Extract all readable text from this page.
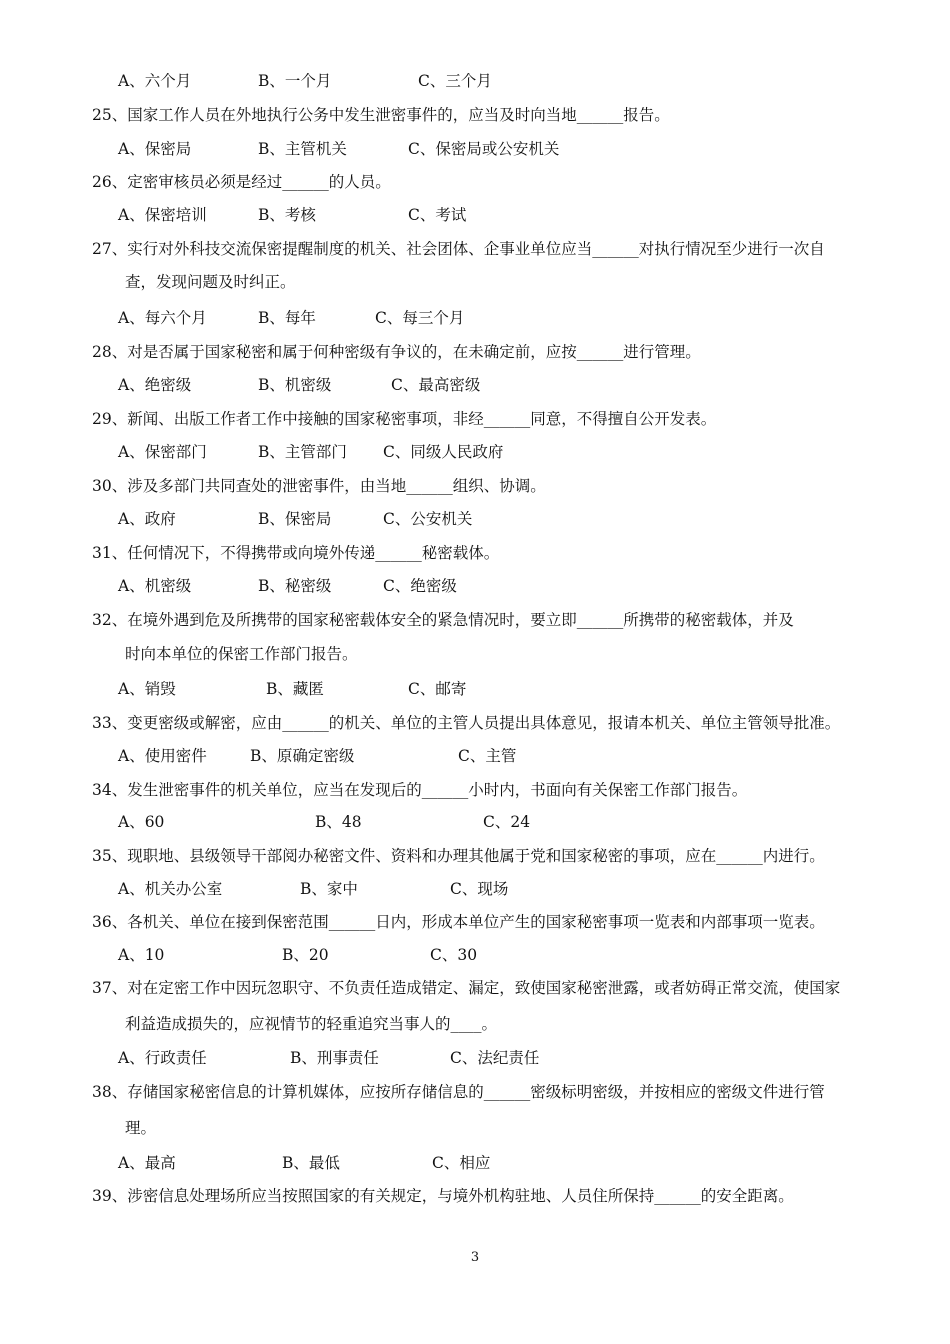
A、六个月	B、一个月	C、三个月
25、国家工作人员在外地执行公务中发生泄密事件的，应当及时向当地______报告。
A、保密局	B、主管机关	C、保密局或公安机关
26、定密审核员必须是经过______的人员。
A、保密培训	B、考核	C、考试
27、实行对外科技交流保密提醒制度的机关、社会团体、企事业单位应当______对执行情况至少进行一次自
查，发现问题及时纠正。
A、每六个月	B、每年	C、每三个月
28、对是否属于国家秘密和属于何种密级有争议的，在未确定前，应按______进行管理。
A、绝密级	B、机密级	C、最高密级
29、新闻、出版工作者工作中接触的国家秘密事项，非经______同意，不得擅自公开发表。
A、保密部门	B、主管部门 C、同级人民政府
30、涉及多部门共同查处的泄密事件，由当地______组织、协调。
A、政府	B、保密局	C、公安机关
31、任何情况下，不得携带或向境外传递______秘密载体。
A、机密级	B、秘密级	C、绝密级
32、在境外遇到危及所携带的国家秘密载体安全的紧急情况时，要立即______所携带的秘密载体，并及
时向本单位的保密工作部门报告。
A、销毁	B、藏匿	C、邮寄
33、变更密级或解密，应由______的机关、单位的主管人员提出具体意见，报请本机关、单位主管领导批准。
A、使用密件	B、原确定密级	C、主管
34、发生泄密事件的机关单位，应当在发现后的______小时内，书面向有关保密工作部门报告。
A、60	B、48	C、24
35、现职地、县级领导干部阅办秘密文件、资料和办理其他属于党和国家秘密的事项，应在______内进行。
A、机关办公室	B、家中	C、现场
36、各机关、单位在接到保密范围______日内，形成本单位产生的国家秘密事项一览表和内部事项一览表。
A、10	B、20	C、30
37、对在定密工作中因玩忽职守、不负责任造成错定、漏定，致使国家秘密泄露，或者妨碍正常交流，使国家
利益造成损失的，应视情节的轻重追究当事人的____。
A、行政责任	B、刑事责任	C、法纪责任
38、存储国家秘密信息的计算机媒体，应按所存储信息的______密级标明密级，并按相应的密级文件进行管
理。
A、最高	B、最低	C、相应
39、涉密信息处理场所应当按照国家的有关规定，与境外机构驻地、人员住所保持______的安全距离。
3
